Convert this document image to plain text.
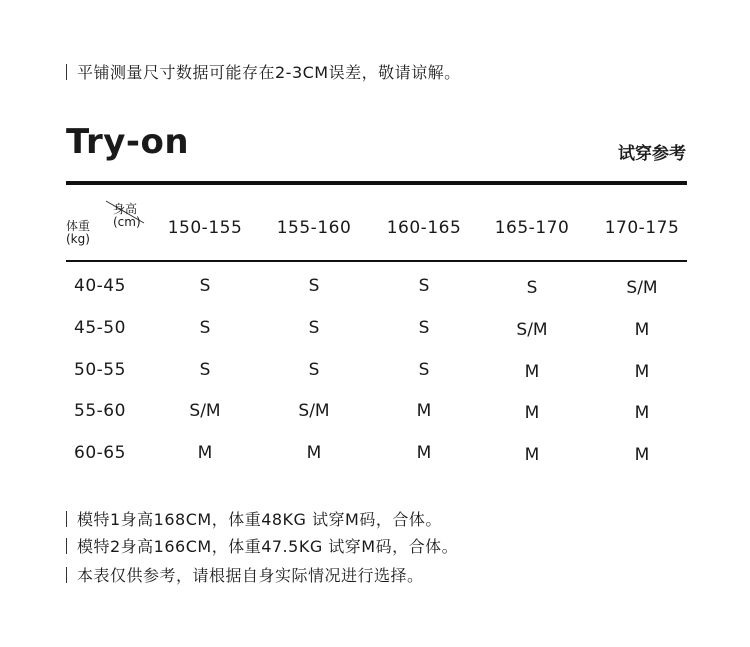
平铺测量尺寸数据可能存在2-3CM误差，敬请谅解。
Try-on	试穿参考
身高
(cm)
体重
(kg)
150-155	155-160	160-165	165-170	170-175
40-45	S	S	S	S	S/M
45-50	S	S	S	S/M	M
50-55	S	S	S	M	M
55-60	S/M	S/M	M	M	M
60-65	M	M	M	M	M
模特1身高168CM，体重48KG 试穿M码，合体。
模特2身高166CM，体重47.5KG 试穿M码，合体。
本表仅供参考，请根据自身实际情况进行选择。
